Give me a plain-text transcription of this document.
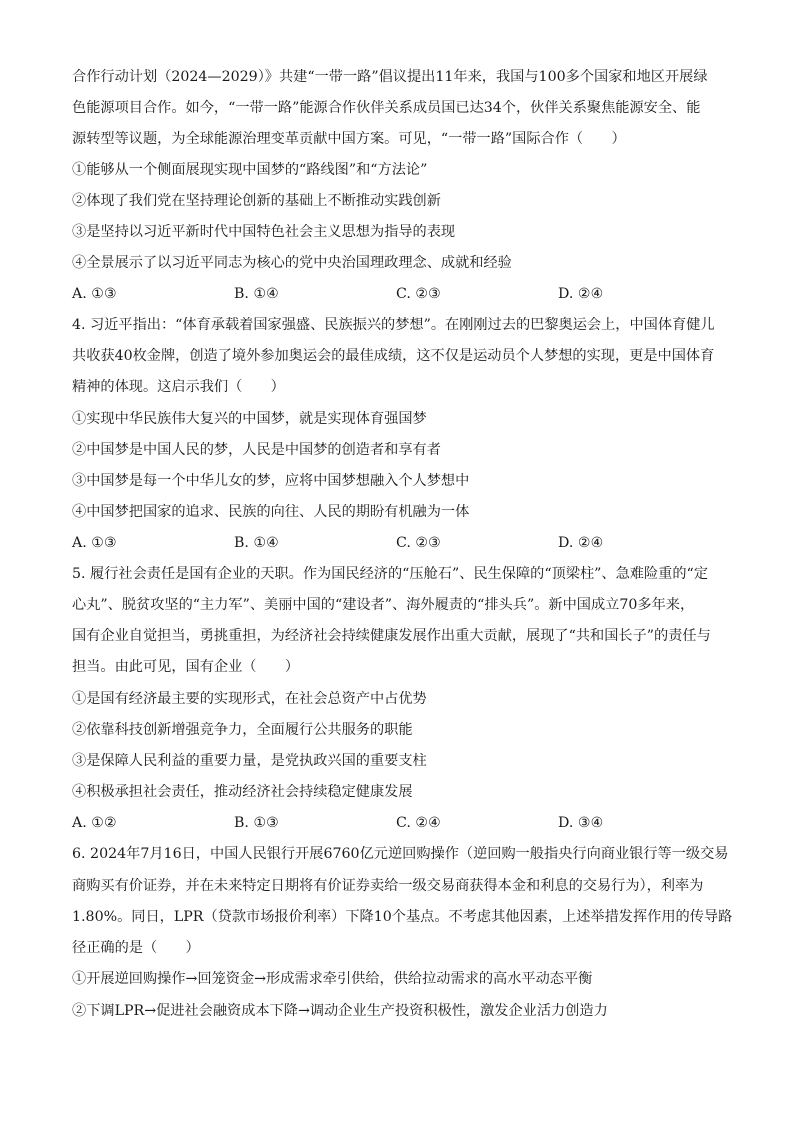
合作行动计划（2024—2029）》共建“一带一路”倡议提出11年来，我国与100多个国家和地区开展绿
色能源项目合作。如今，“一带一路”能源合作伙伴关系成员国已达34个，伙伴关系聚焦能源安全、能
源转型等议题，为全球能源治理变革贡献中国方案。可见，“一带一路”国际合作（　　）
①能够从一个侧面展现实现中国梦的“路线图”和“方法论”
②体现了我们党在坚持理论创新的基础上不断推动实践创新
③是坚持以习近平新时代中国特色社会主义思想为指导的表现
④全景展示了以习近平同志为核心的党中央治国理政理念、成就和经验
A. ①③	B. ①④	C. ②③	D. ②④
4. 习近平指出：“体育承载着国家强盛、民族振兴的梦想”。在刚刚过去的巴黎奥运会上，中国体育健儿
共收获40枚金牌，创造了境外参加奥运会的最佳成绩，这不仅是运动员个人梦想的实现，更是中国体育
精神的体现。这启示我们（　　）
①实现中华民族伟大复兴的中国梦，就是实现体育强国梦
②中国梦是中国人民的梦，人民是中国梦的创造者和享有者
③中国梦是每一个中华儿女的梦，应将中国梦想融入个人梦想中
④中国梦把国家的追求、民族的向往、人民的期盼有机融为一体
A. ①③	B. ①④	C. ②③	D. ②④
5. 履行社会责任是国有企业的天职。作为国民经济的“压舱石”、民生保障的“顶梁柱”、急难险重的“定
心丸”、脱贫攻坚的“主力军”、美丽中国的“建设者”、海外履责的“排头兵”。新中国成立70多年来，
国有企业自觉担当，勇挑重担，为经济社会持续健康发展作出重大贡献，展现了“共和国长子”的责任与
担当。由此可见，国有企业（　　）
①是国有经济最主要的实现形式，在社会总资产中占优势
②依靠科技创新增强竞争力，全面履行公共服务的职能
③是保障人民利益的重要力量，是党执政兴国的重要支柱
④积极承担社会责任，推动经济社会持续稳定健康发展
A. ①②	B. ①③	C. ②④	D. ③④
6. 2024年7月16日，中国人民银行开展6760亿元逆回购操作（逆回购一般指央行向商业银行等一级交易
商购买有价证券，并在未来特定日期将有价证券卖给一级交易商获得本金和利息的交易行为），利率为
1.80%。同日，LPR（贷款市场报价利率）下降10个基点。不考虑其他因素，上述举措发挥作用的传导路
径正确的是（　　）
①开展逆回购操作→回笼资金→形成需求牵引供给，供给拉动需求的高水平动态平衡
②下调LPR→促进社会融资成本下降→调动企业生产投资积极性，激发企业活力创造力
